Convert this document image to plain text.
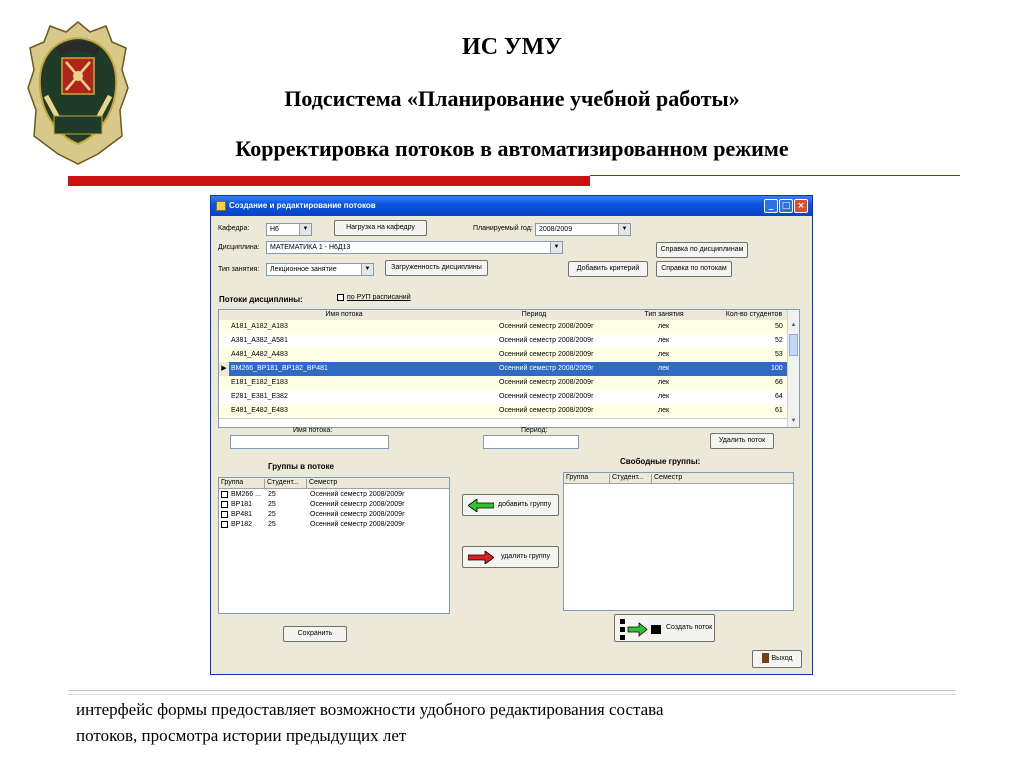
ИС УМУ
Подсистема «Планирование учебной работы»
Корректировка потоков в автоматизированном режиме
Создание и редактирование потоков	_ □ ×
Кафедра:	Н6	▼	Нагрузка на кафедру	Планируемый год: 2008/2009	▼
Дисциплина: МАТЕМАТИКА 1 - Н6Д13	▼	Справка по дисциплинам
Тип занятия: Лекционное занятие	▼	Загруженность дисциплины	Добавить критерий	Справка по потокам
Потоки дисциплины:	по РУП расписаний
Имя потока	Период	Тип занятия	Кол-во студентов
А181_А182_А183	Осенний семестр 2008/2009г	лек	50
А381_А382_А581	Осенний семестр 2008/2009г	лек	52
А481_А482_А483	Осенний семестр 2008/2009г	лек	53
▶ ВМ266_ВР181_ВР182_ВР481	Осенний семестр 2008/2009г	лек	100
Е181_Е182_Е183	Осенний семестр 2008/2009г	лек	66
Е281_Е381_Е382	Осенний семестр 2008/2009г	лек	64
Е481_Е482_Е483	Осенний семестр 2008/2009г	лек	61
▲
▼
Имя потока:	Период:
Удалить поток
Группы в потоке
Группа	Студент...	Семестр
ВМ266 ... 25	Осенний семестр 2008/2009г
ВР181 25	Осенний семестр 2008/2009г
ВР481 25	Осенний семестр 2008/2009г
ВР182 25	Осенний семестр 2008/2009г
добавить группу
удалить группу
Свободные группы:
Группа	Студент...	Семестр
Сохранить
Создать поток
Выход
интерфейс формы предоставляет возможности удобного редактирования состава
потоков, просмотра истории предыдущих лет
